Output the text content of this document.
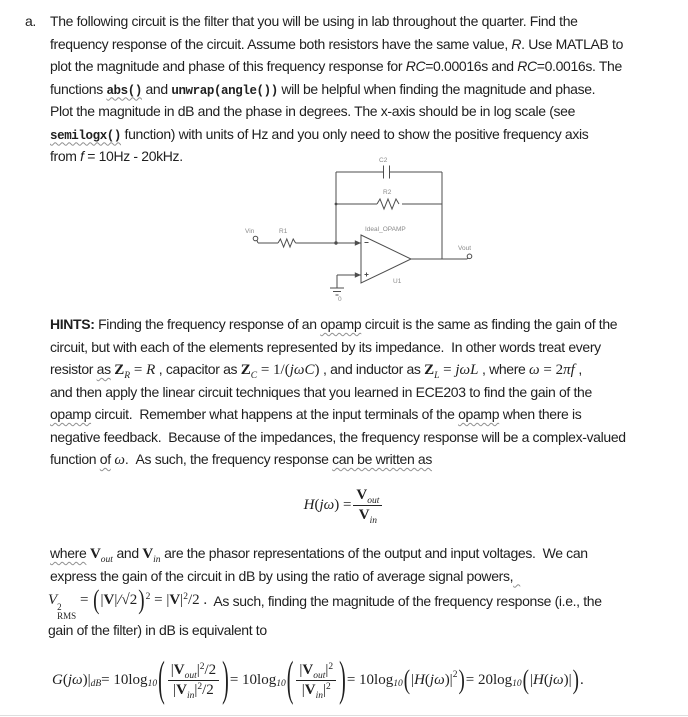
a. The following circuit is the filter that you will be using in lab throughout the quarter. Find the
frequency response of the circuit. Assume both resistors have the same value, R. Use MATLAB to
plot the magnitude and phase of this frequency response for RC=0.00016s and RC=0.0016s. The
functions abs() and unwrap(angle()) will be helpful when finding the magnitude and phase.
Plot the magnitude in dB and the phase in degrees. The x-axis should be in log scale (see
semilogx() function) with units of Hz and you only need to show the positive frequency axis
from f = 10Hz - 20kHz.	C2
R2
R1
Vin	Ideal_OPAMP
U1
Vout
0
HINTS: Finding the frequency response of an opamp circuit is the same as finding the gain of the
circuit, but with each of the elements represented by its impedance.  In other words treat every
resistor as $Z_R = R$ , capacitor as $Z_C = 1/(j\omega C)$ , and inductor as $Z_L = j\omega L$ , where ω = 2πf ,
and then apply the linear circuit techniques that you learned in ECE203 to find the gain of the
opamp circuit.  Remember what happens at the input terminals of the opamp when there is
negative feedback.  Because of the impedances, the frequency response will be a complex-valued
function of ω.  As such, the frequency response can be written as
H ( jω ) = $\frac{V_{out}}{V_{in}}$
where $V_{out}$ and $V_{in}$ are the phasor representations of the output and input voltages.  We can
express the gain of the circuit in dB by using the ratio of average signal powers,
V 2
RMS
= $(|V|/√2)^2 = |V|^2/2$ .  As such, finding the magnitude of the frequency response (i.e., the
gain of the filter) in dB is equivalent to
G ( jω )| dB = 10log 10 ( $\frac{|V_{out}|^2/2}{|V_{in}|^2/2}$ ) = 10log 10 ( $\frac{|V_{out}|^2}{|V_{in}|^2}$ ) = 10log 10 ( | H ( jω )| 2 ) = 20log 10 ( | H ( jω )| ) .
